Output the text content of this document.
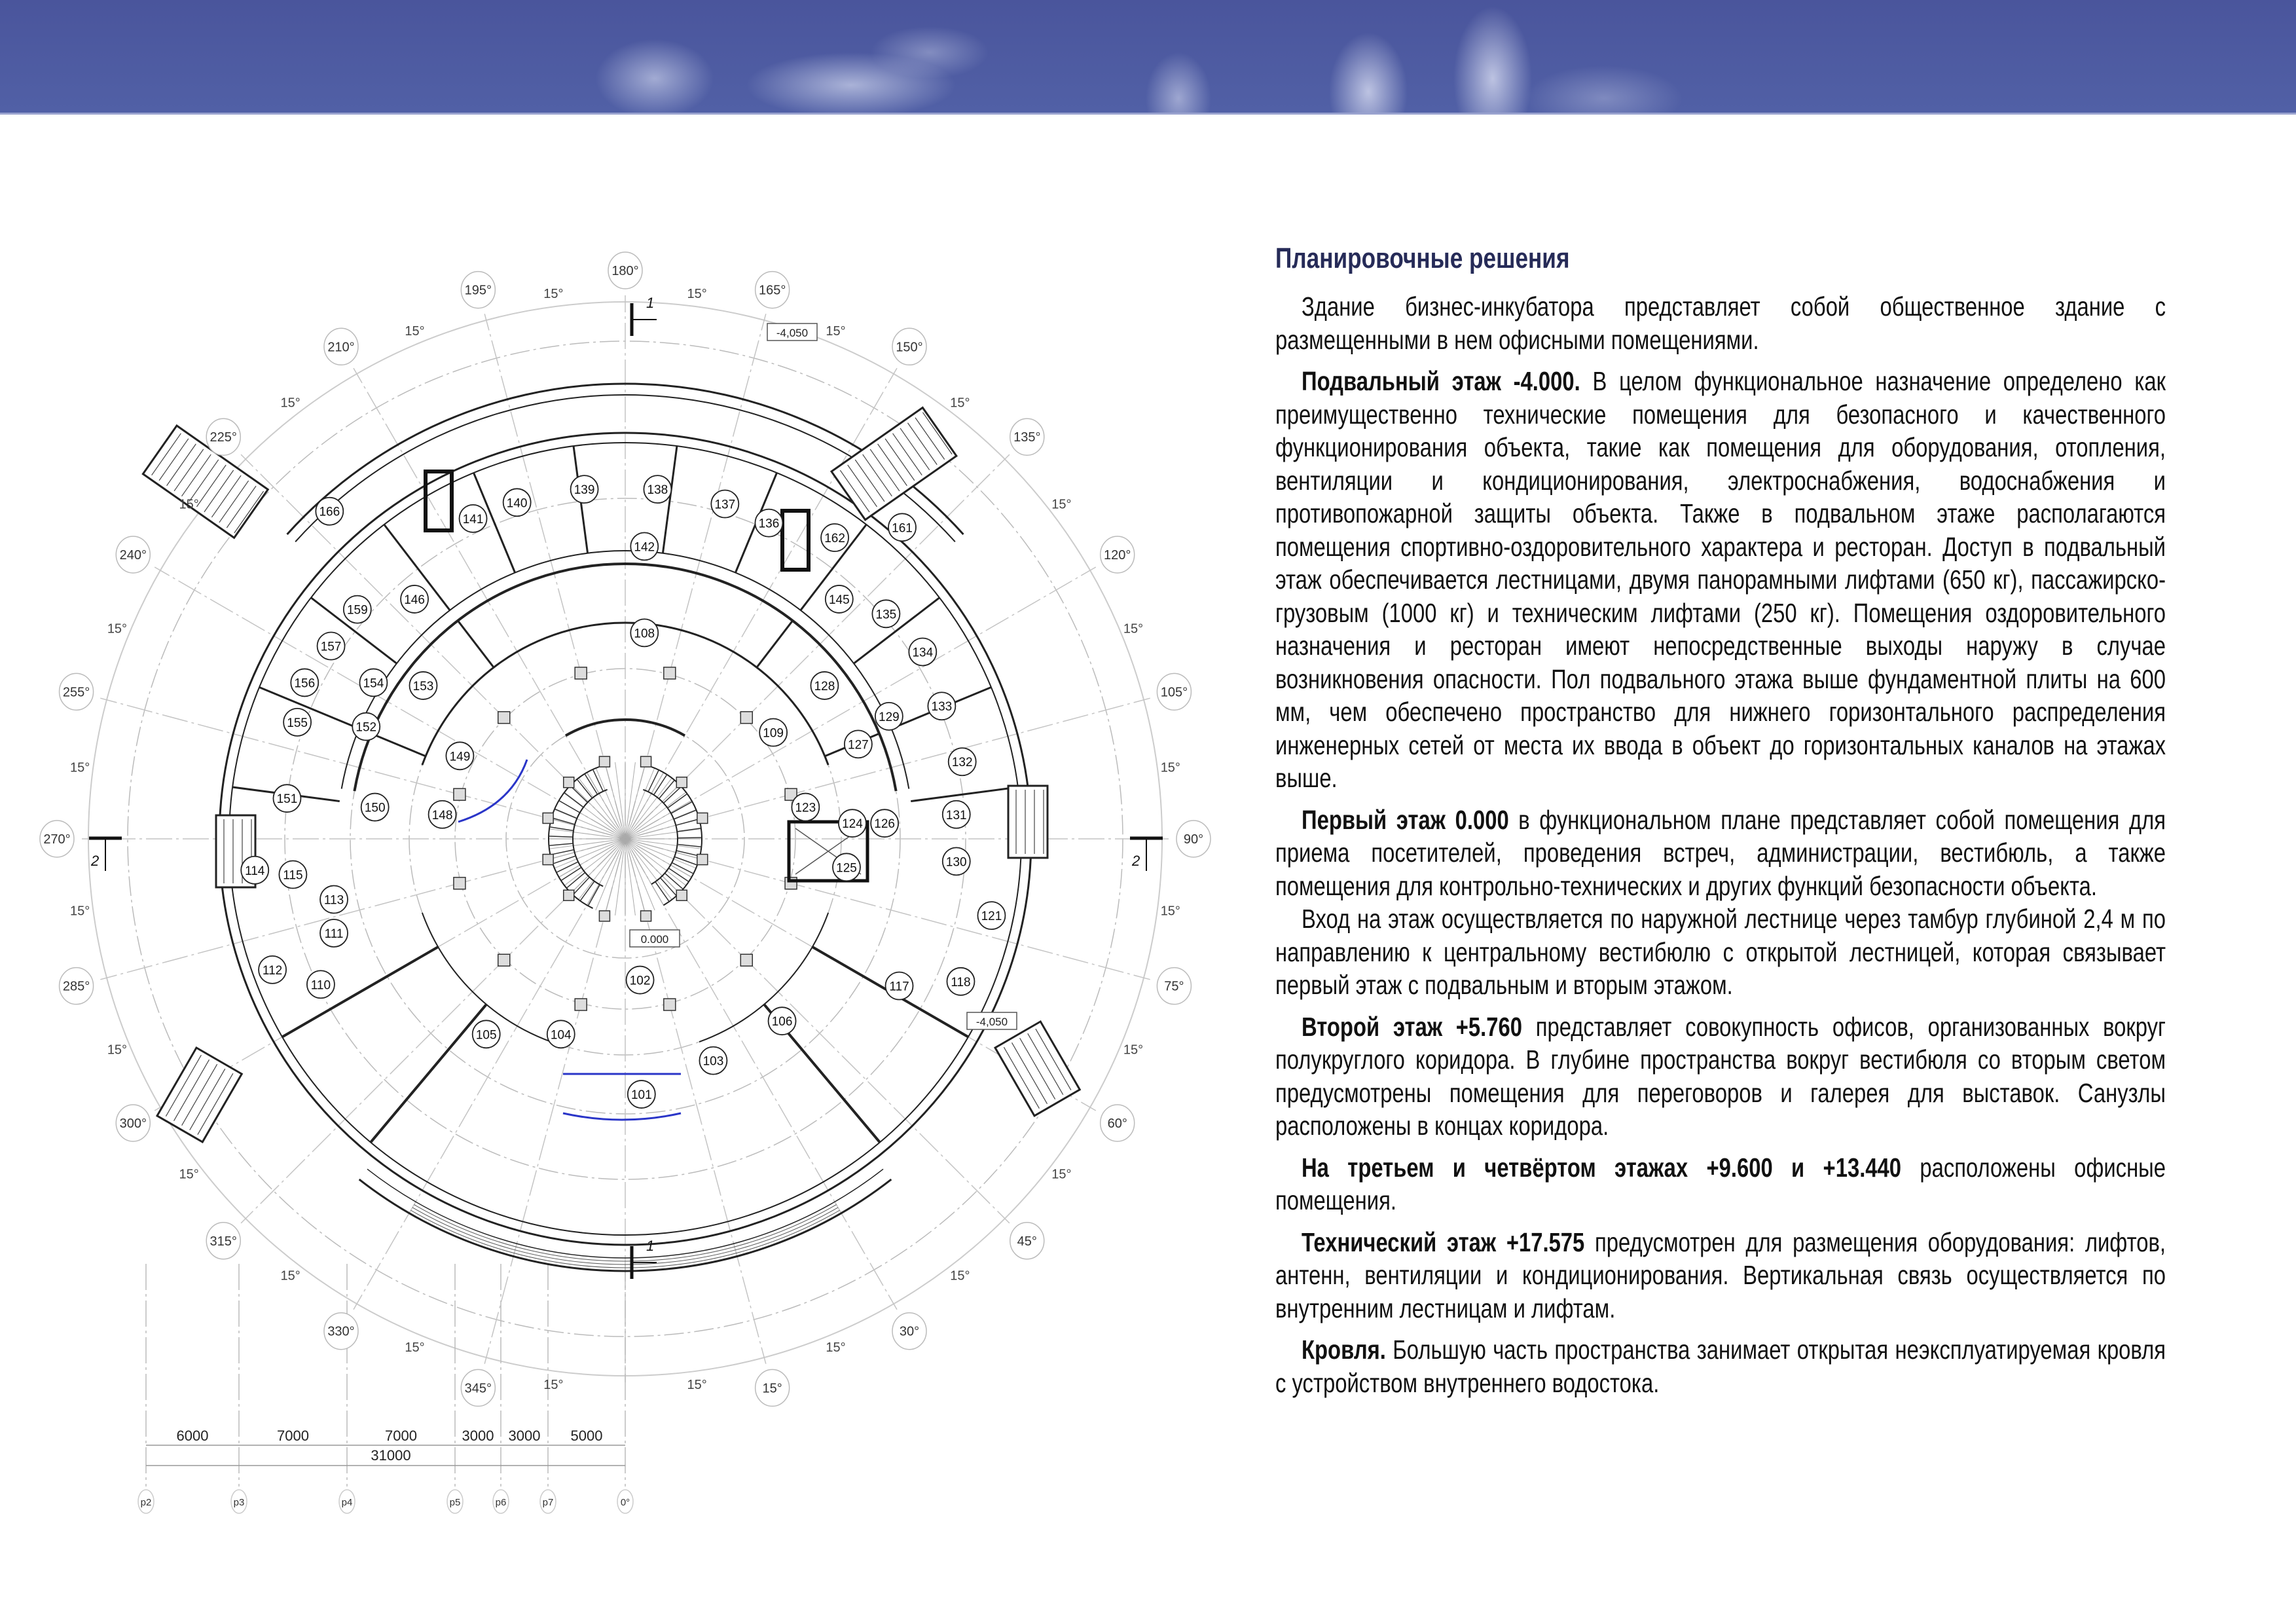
6000	7000	7000	3000 3000 5000
31000
p2	p3	p4	p5	p6	p7	0°
0.000
-4,050
-4,050
166
141
140
139	138
137
136
162
161
142
145
135
134
133
132
131
130
121
118
117
108
128
127
129
109
123
124 126
125
159
146
157
156	154 153
155	152
149
151
150
148
114 115
113
111
112
110
104
105
102
101
103
106
1
1
2	2
180°
195°	165°
210°	150°
225°	135°
240°	120°
255°	105°
270°	90°
285°	75°
300°	60°
315°	45°
330°	30°
345°	15°
15°
15°
15°
15°
15°
15°
15°
15°
15°
15°
15°
15°
15°
15°
15°
15°
15°
15°
15°
15°
15°
15°
15°
15°
Планировочные решения

Здание бизнес-инкубатора представляет собой общественное здание с размещенными в нем офисными помещениями.

Подвальный этаж -4.000. В целом функциональное назначение определено как преимущественно технические помещения для безопасного и качественного функционирования объекта, такие как помещения для оборудования, отопления, вентиляции и кондиционирования, электроснабжения, водоснабжения и противопожарной защиты объекта. Также в подвальном этаже располагаются помещения спортивно-оздоровительного характера и ресторан. Доступ в подвальный этаж обеспечивается лестницами, двумя панорамными лифтами (650 кг), пассажирско-грузовым (1000 кг) и техническим лифтами (250 кг). Помещения оздоровительного назначения и ресторан имеют непосредственные выходы наружу в случае возникновения опасности. Пол подвального этажа выше фундаментной плиты на 600 мм, чем обеспечено пространство для нижнего горизонтального распределения инженерных сетей от места их ввода в объект до горизонтальных каналов на этажах выше.

Первый этаж 0.000 в функциональном плане представляет собой помещения для приема посетителей, проведения встреч, администрации, вестибюль, а также помещения для контрольно-технических и других функций безопасности объекта.

Вход на этаж осуществляется по наружной лестнице через тамбур глубиной 2,4 м по направлению к центральному вестибюлю с открытой лестницей, которая связывает первый этаж с подвальным и вторым этажом.

Второй этаж +5.760 представляет совокупность офисов, организованных вокруг полукруглого коридора. В глубине пространства вокруг вестибюля со вторым светом предусмотрены помещения для переговоров и галерея для выставок. Санузлы расположены в концах коридора.

На третьем и четвёртом этажах +9.600 и +13.440 расположены офисные помещения.

Технический этаж +17.575 предусмотрен для размещения оборудования: лифтов, антенн, вентиляции и кондиционирования. Вертикальная связь осуществляется по внутренним лестницам и лифтам.

Кровля. Большую часть пространства занимает открытая неэксплуатируемая кровля с устройством внутреннего водостока.
